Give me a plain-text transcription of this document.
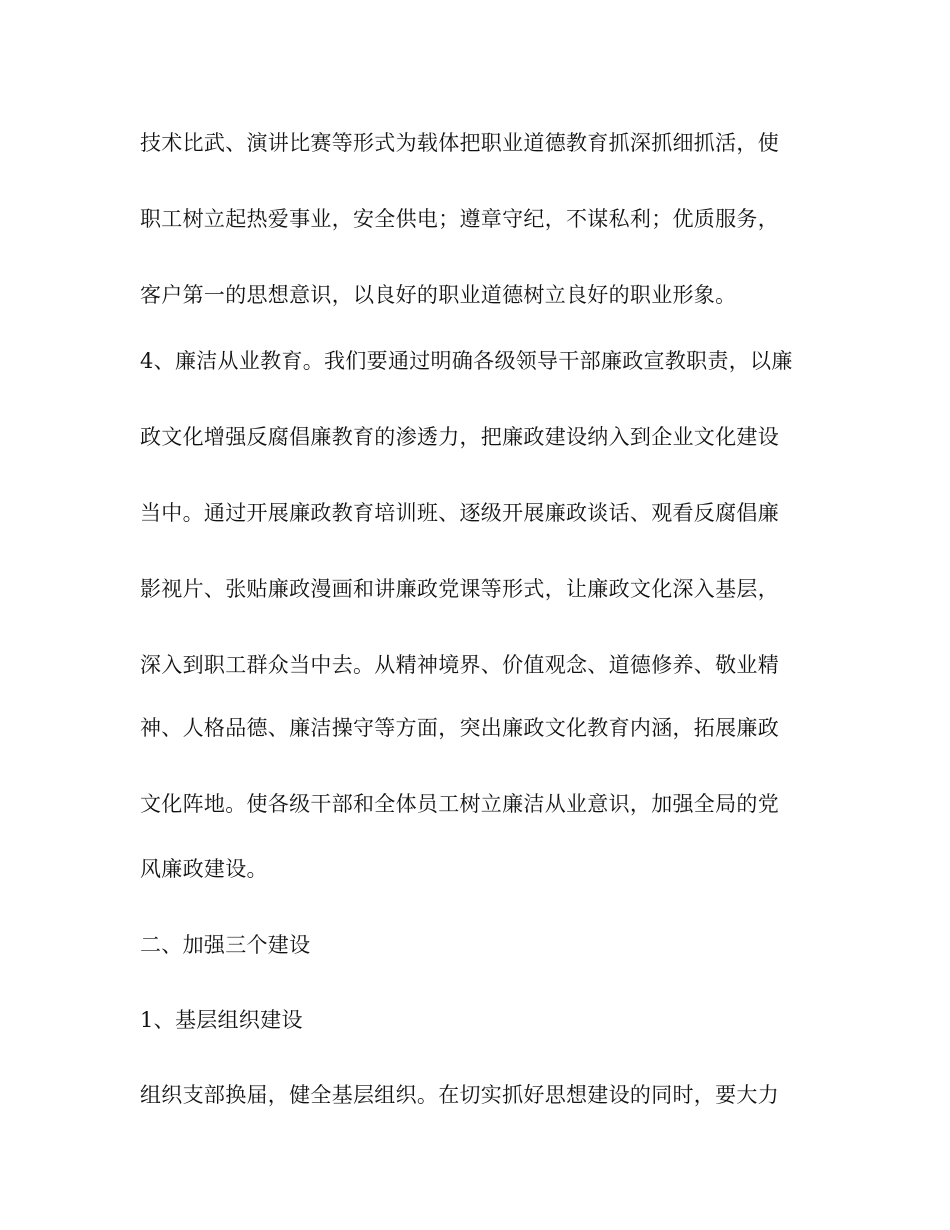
技术比武、演讲比赛等形式为载体把职业道德教育抓深抓细抓活，使

职工树立起热爱事业，安全供电；遵章守纪，不谋私利；优质服务，

客户第一的思想意识，以良好的职业道德树立良好的职业形象。

4、廉洁从业教育。我们要通过明确各级领导干部廉政宣教职责，以廉

政文化增强反腐倡廉教育的渗透力，把廉政建设纳入到企业文化建设

当中。通过开展廉政教育培训班、逐级开展廉政谈话、观看反腐倡廉

影视片、张贴廉政漫画和讲廉政党课等形式，让廉政文化深入基层，

深入到职工群众当中去。从精神境界、价值观念、道德修养、敬业精

神、人格品德、廉洁操守等方面，突出廉政文化教育内涵，拓展廉政

文化阵地。使各级干部和全体员工树立廉洁从业意识，加强全局的党

风廉政建设。

二、加强三个建设

1、基层组织建设

组织支部换届，健全基层组织。在切实抓好思想建设的同时，要大力
